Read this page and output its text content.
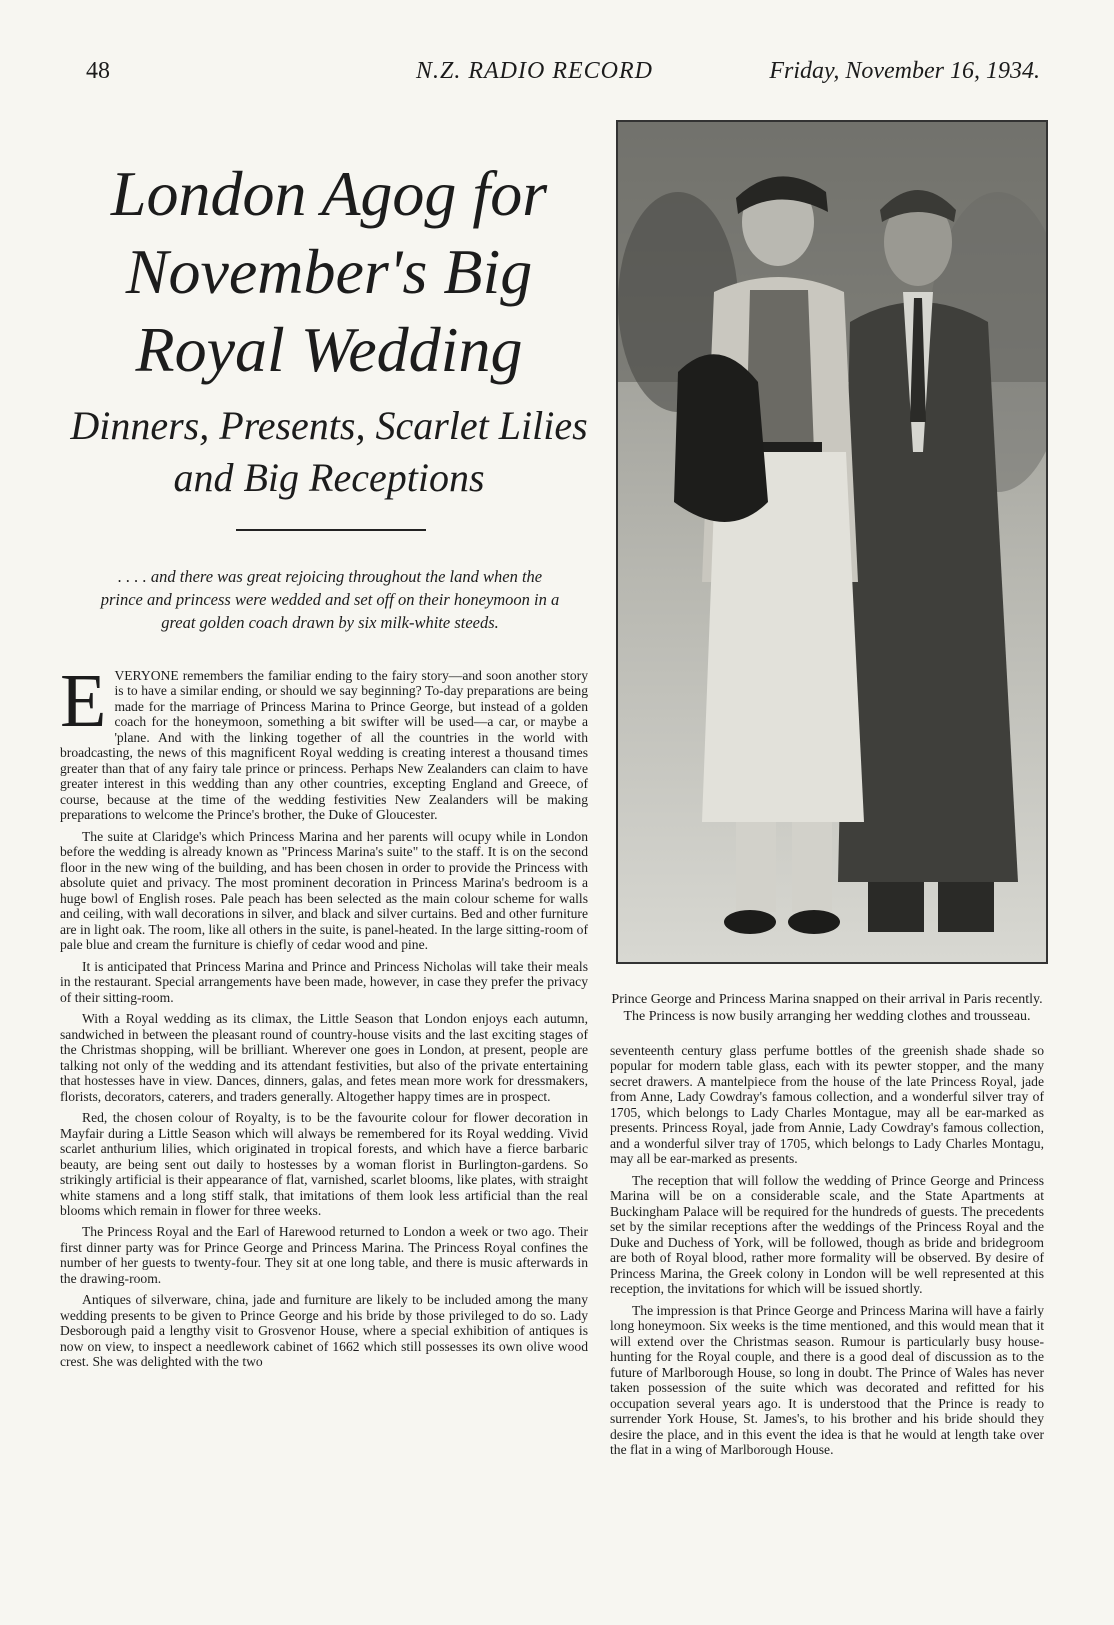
48	N.Z. RADIO RECORD	Friday, November 16, 1934.
London Agog for November's Big Royal Wedding
Dinners, Presents, Scarlet Lilies and Big Receptions
. . . . and there was great rejoicing throughout the land when the prince and princess were wedded and set off on their honeymoon in a great golden coach drawn by six milk-white steeds.

EVERYONE remembers the familiar ending to the fairy story—and soon another story is to have a similar ending, or should we say beginning? To-day preparations are being made for the marriage of Princess Marina to Prince George, but instead of a golden coach for the honeymoon, something a bit swifter will be used—a car, or maybe a 'plane. And with the linking together of all the countries in the world with broadcasting, the news of this magnificent Royal wedding is creating interest a thousand times greater than that of any fairy tale prince or princess. Perhaps New Zealanders can claim to have greater interest in this wedding than any other countries, excepting England and Greece, of course, because at the time of the wedding festivities New Zealanders will be making preparations to welcome the Prince's brother, the Duke of Gloucester.

The suite at Claridge's which Princess Marina and her parents will ocupy while in London before the wedding is already known as "Princess Marina's suite" to the staff. It is on the second floor in the new wing of the building, and has been chosen in order to provide the Princess with absolute quiet and privacy. The most prominent decoration in Princess Marina's bedroom is a huge bowl of English roses. Pale peach has been selected as the main colour scheme for walls and ceiling, with wall decorations in silver, and black and silver curtains. Bed and other furniture are in light oak. The room, like all others in the suite, is panel-heated. In the large sitting-room of pale blue and cream the furniture is chiefly of cedar wood and pine.

It is anticipated that Princess Marina and Prince and Princess Nicholas will take their meals in the restaurant. Special arrangements have been made, however, in case they prefer the privacy of their sitting-room.

With a Royal wedding as its climax, the Little Season that London enjoys each autumn, sandwiched in between the pleasant round of country-house visits and the last exciting stages of the Christmas shopping, will be brilliant. Wherever one goes in London, at present, people are talking not only of the wedding and its attendant festivities, but also of the private entertaining that hostesses have in view. Dances, dinners, galas, and fetes mean more work for dressmakers, florists, decorators, caterers, and traders generally. Altogether happy times are in prospect.

Red, the chosen colour of Royalty, is to be the favourite colour for flower decoration in Mayfair during a Little Season which will always be remembered for its Royal wedding. Vivid scarlet anthurium lilies, which originated in tropical forests, and which have a fierce barbaric beauty, are being sent out daily to hostesses by a woman florist in Burlington-gardens. So strikingly artificial is their appearance of flat, varnished, scarlet blooms, like plates, with straight white stamens and a long stiff stalk, that imitations of them look less artificial than the real blooms which remain in flower for three weeks.

The Princess Royal and the Earl of Harewood returned to London a week or two ago. Their first dinner party was for Prince George and Princess Marina. The Princess Royal confines the number of her guests to twenty-four. They sit at one long table, and there is music afterwards in the drawing-room.

Antiques of silverware, china, jade and furniture are likely to be included among the many wedding presents to be given to Prince George and his bride by those privileged to do so. Lady Desborough paid a lengthy visit to Grosvenor House, where a special exhibition of antiques is now on view, to inspect a needlework cabinet of 1662 which still possesses its own olive wood crest. She was delighted with the two

Prince George and Princess Marina snapped on their arrival in Paris recently. The Princess is now busily arranging her wedding clothes and trousseau.

seventeenth century glass perfume bottles of the greenish shade shade so popular for modern table glass, each with its pewter stopper, and the many secret drawers. A mantelpiece from the house of the late Princess Royal, jade from Anne, Lady Cowdray's famous collection, and a wonderful silver tray of 1705, which belongs to Lady Charles Montague, may all be ear-marked as presents. Princess Royal, jade from Annie, Lady Cowdray's famous collection, and a wonderful silver tray of 1705, which belongs to Lady Charles Montagu, may all be ear-marked as presents.

The reception that will follow the wedding of Prince George and Princess Marina will be on a considerable scale, and the State Apartments at Buckingham Palace will be required for the hundreds of guests. The precedents set by the similar receptions after the weddings of the Princess Royal and the Duke and Duchess of York, will be followed, though as bride and bridegroom are both of Royal blood, rather more formality will be observed. By desire of Princess Marina, the Greek colony in London will be well represented at this reception, the invitations for which will be issued shortly.

The impression is that Prince George and Princess Marina will have a fairly long honeymoon. Six weeks is the time mentioned, and this would mean that it will extend over the Christmas season. Rumour is particularly busy house-hunting for the Royal couple, and there is a good deal of discussion as to the future of Marlborough House, so long in doubt. The Prince of Wales has never taken possession of the suite which was decorated and refitted for his occupation several years ago. It is understood that the Prince is ready to surrender York House, St. James's, to his brother and his bride should they desire the place, and in this event the idea is that he would at length take over the flat in a wing of Marlborough House.
